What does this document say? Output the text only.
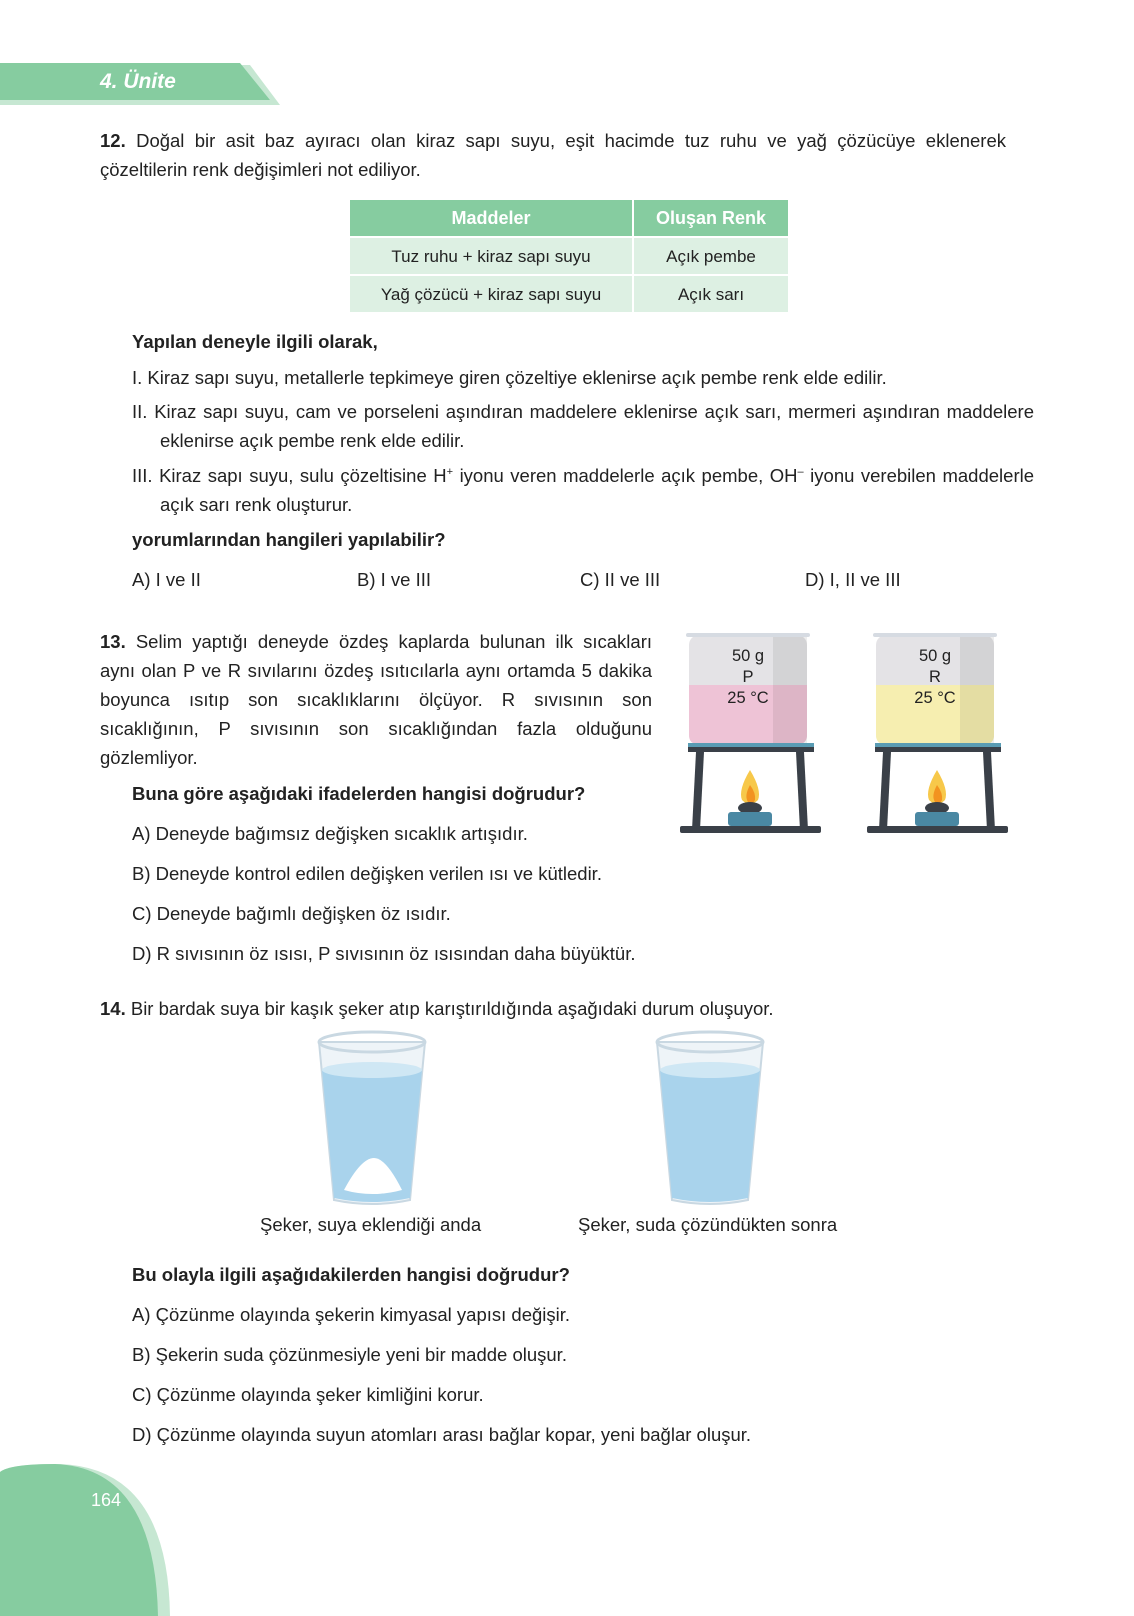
4. Ünite
12. Doğal bir asit baz ayıracı olan kiraz sapı suyu, eşit hacimde tuz ruhu ve yağ çözücüye eklenerek çözeltilerin renk değişimleri not ediliyor.
Maddeler	Oluşan Renk
Tuz ruhu + kiraz sapı suyu	Açık pembe
Yağ çözücü + kiraz sapı suyu	Açık sarı
Yapılan deneyle ilgili olarak,
I. Kiraz sapı suyu, metallerle tepkimeye giren çözeltiye eklenirse açık pembe renk elde edilir.
II. Kiraz sapı suyu, cam ve porseleni aşındıran maddelere eklenirse açık sarı, mermeri aşındıran maddelere eklenirse açık pembe renk elde edilir.
III. Kiraz sapı suyu, sulu çözeltisine H+ iyonu veren maddelerle açık pembe, OH– iyonu verebilen maddelerle açık sarı renk oluşturur.
yorumlarından hangileri yapılabilir?
A) I ve II	B) I ve III	C) II ve III	D) I, II ve III
13. Selim yaptığı deneyde özdeş kaplarda bulunan ilk sıcakları aynı olan P ve R sıvılarını özdeş ısıtıcılarla aynı ortamda 5 dakika boyunca ısıtıp son sıcaklıklarını ölçüyor. R sıvısının son sıcaklığının, P sıvısının son sıcaklığından fazla olduğunu gözlemliyor.
Buna göre aşağıdaki ifadelerden hangisi doğrudur?
A) Deneyde bağımsız değişken sıcaklık artışıdır.
B) Deneyde kontrol edilen değişken verilen ısı ve kütledir.
C) Deneyde bağımlı değişken öz ısıdır.
D) R sıvısının öz ısısı, P sıvısının öz ısısından daha büyüktür.
50 g
P
25 °C
50 g
R
25 °C
14. Bir bardak suya bir kaşık şeker atıp karıştırıldığında aşağıdaki durum oluşuyor.
Şeker, suya eklendiği anda	Şeker, suda çözündükten sonra
Bu olayla ilgili aşağıdakilerden hangisi doğrudur?
A) Çözünme olayında şekerin kimyasal yapısı değişir.
B) Şekerin suda çözünmesiyle yeni bir madde oluşur.
C) Çözünme olayında şeker kimliğini korur.
D) Çözünme olayında suyun atomları arası bağlar kopar, yeni bağlar oluşur.
164
